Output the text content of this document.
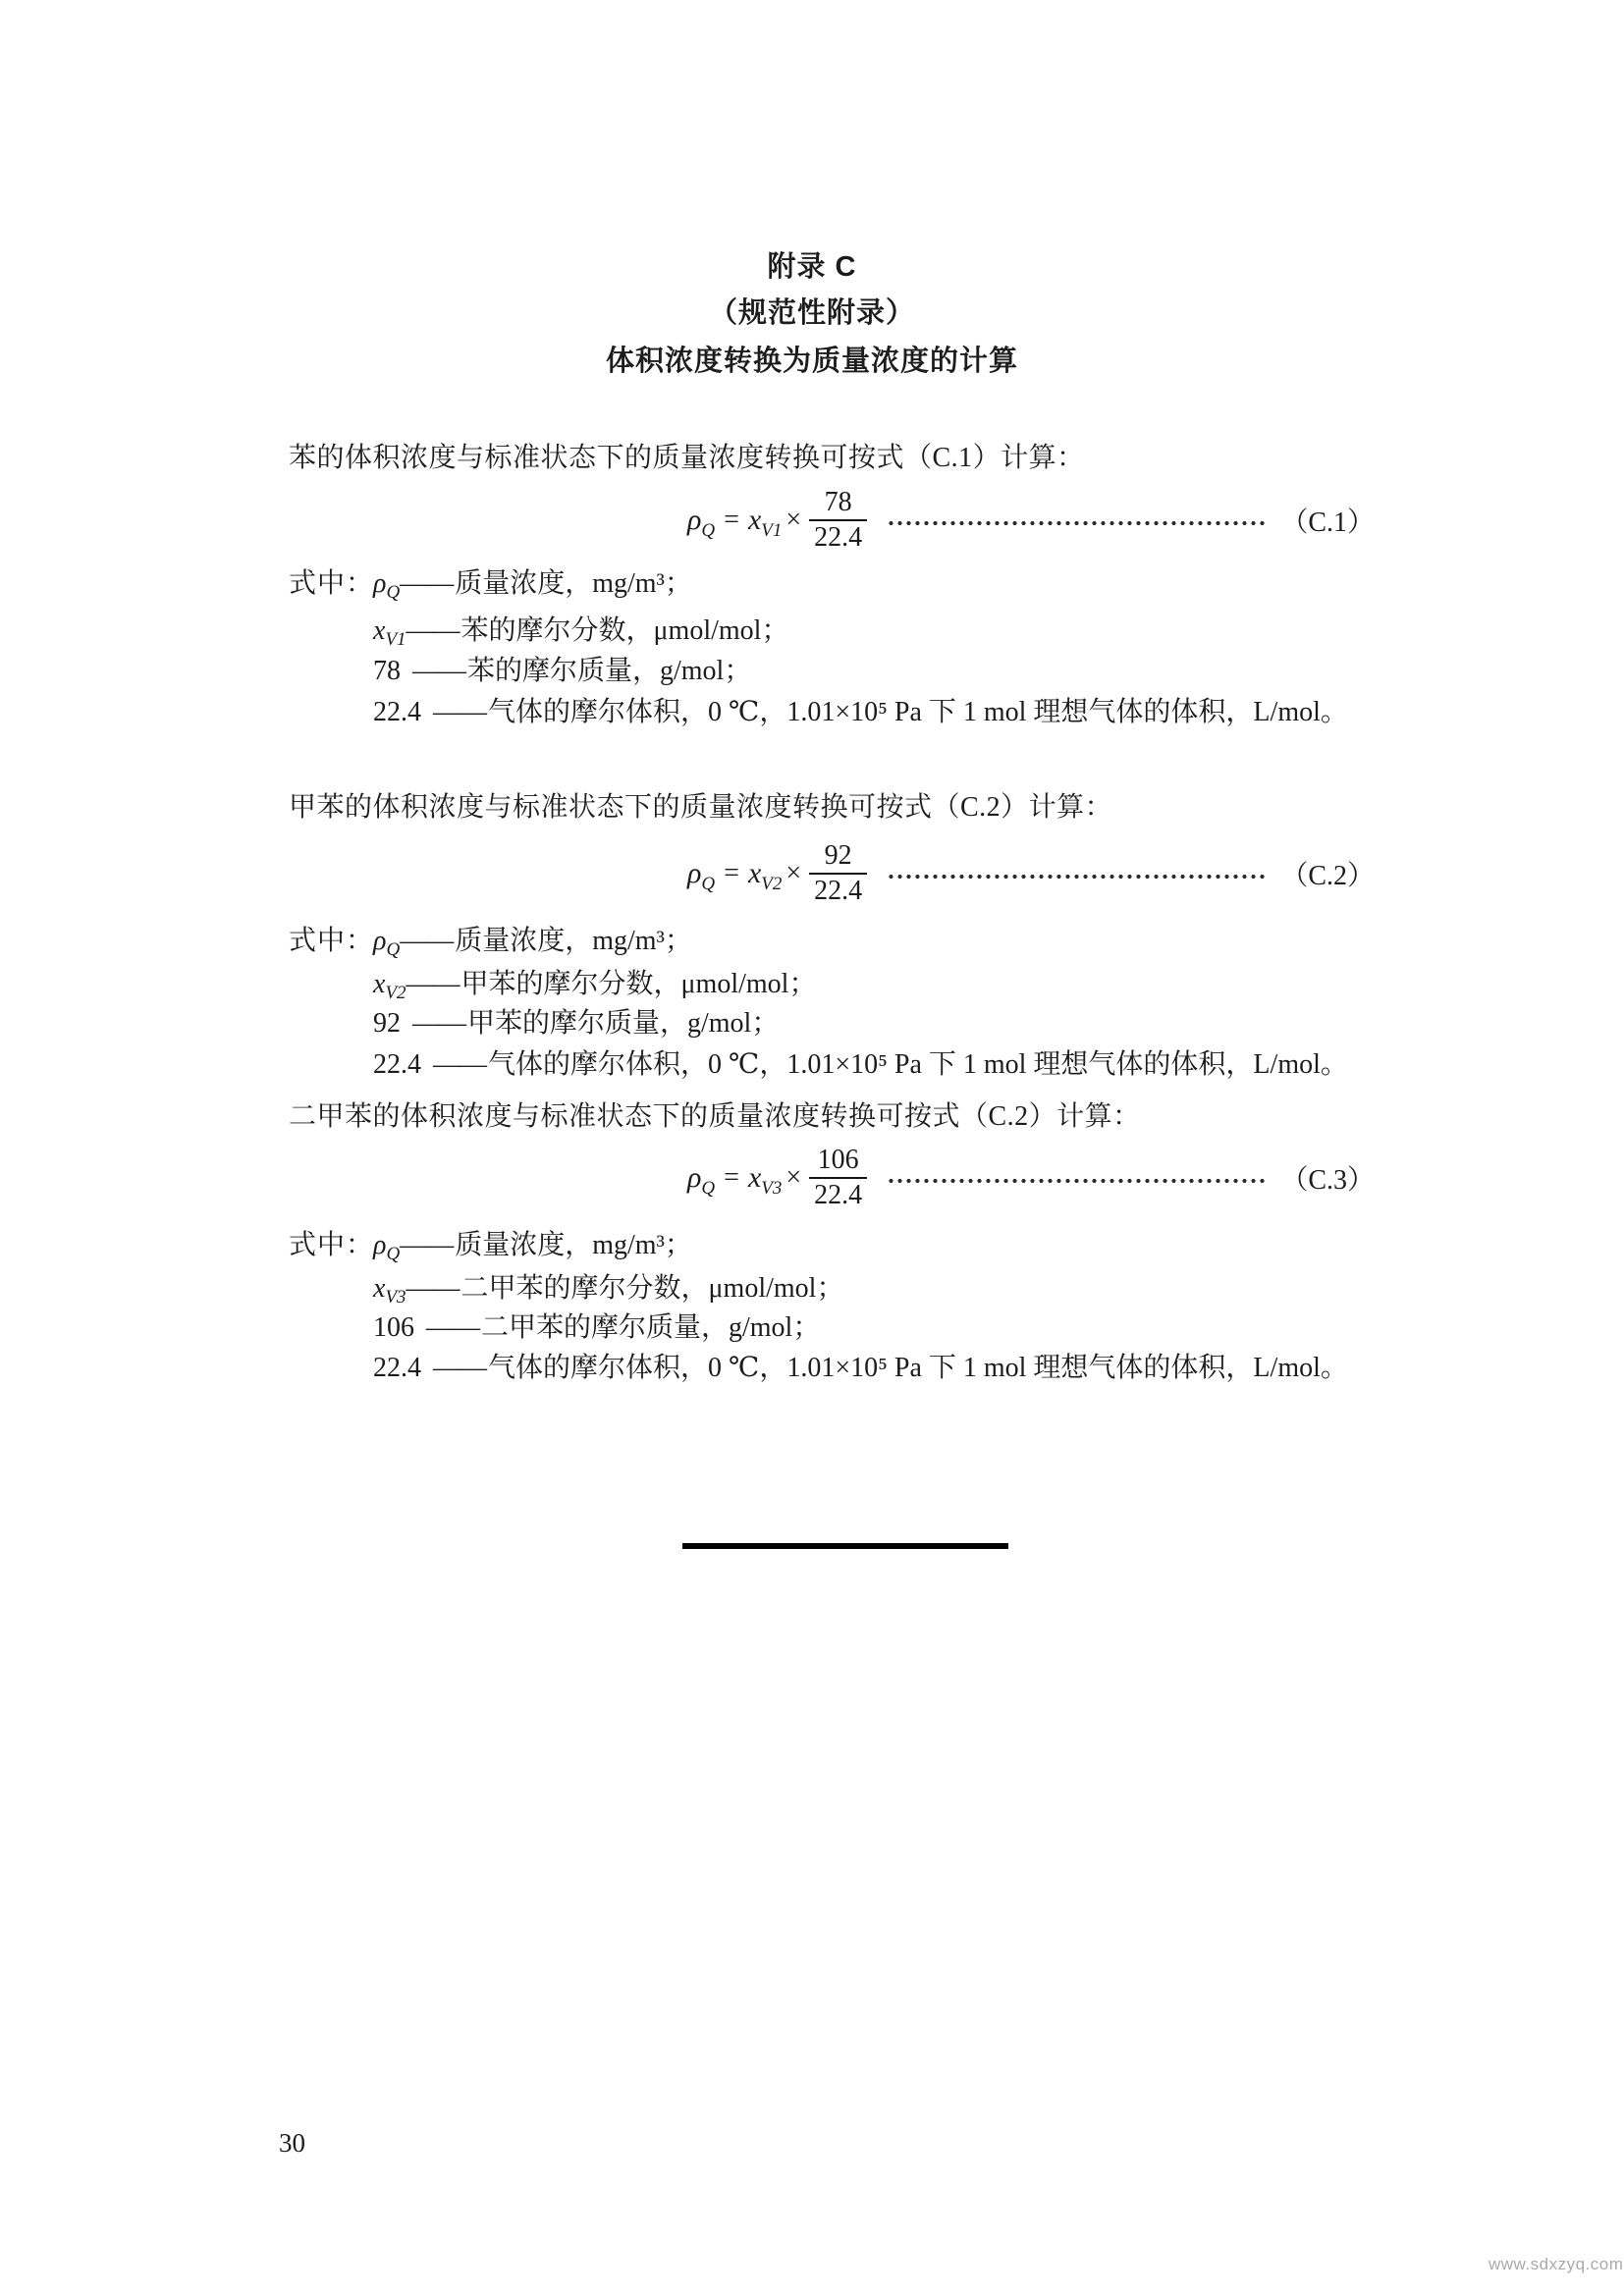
附录 C
（规范性附录）
体积浓度转换为质量浓度的计算
苯的体积浓度与标准状态下的质量浓度转换可按式（C.1）计算：
$\rho_Q = x_{V1} \times \frac{78}{22.4}$	（C.1）
式中：
$\rho_Q$ —— 质量浓度，mg/m³；
$x_{V1}$ —— 苯的摩尔分数，μmol/mol；
78 —— 苯的摩尔质量，g/mol；
22.4 —— 气体的摩尔体积，0 ℃，1.01×10⁵ Pa 下 1 mol 理想气体的体积，L/mol。
甲苯的体积浓度与标准状态下的质量浓度转换可按式（C.2）计算：
$\rho_Q = x_{V2} \times \frac{92}{22.4}$	（C.2）
式中：
$\rho_Q$ —— 质量浓度，mg/m³；
$x_{V2}$ —— 甲苯的摩尔分数，μmol/mol；
92 —— 甲苯的摩尔质量，g/mol；
22.4 —— 气体的摩尔体积，0 ℃，1.01×10⁵ Pa 下 1 mol 理想气体的体积，L/mol。
二甲苯的体积浓度与标准状态下的质量浓度转换可按式（C.2）计算：
$\rho_Q = x_{V3} \times \frac{106}{22.4}$	（C.3）
式中：
$\rho_Q$ —— 质量浓度，mg/m³；
$x_{V3}$ —— 二甲苯的摩尔分数，μmol/mol；
106 —— 二甲苯的摩尔质量，g/mol；
22.4 —— 气体的摩尔体积，0 ℃，1.01×10⁵ Pa 下 1 mol 理想气体的体积，L/mol。
30
www.sdxzyq.com
